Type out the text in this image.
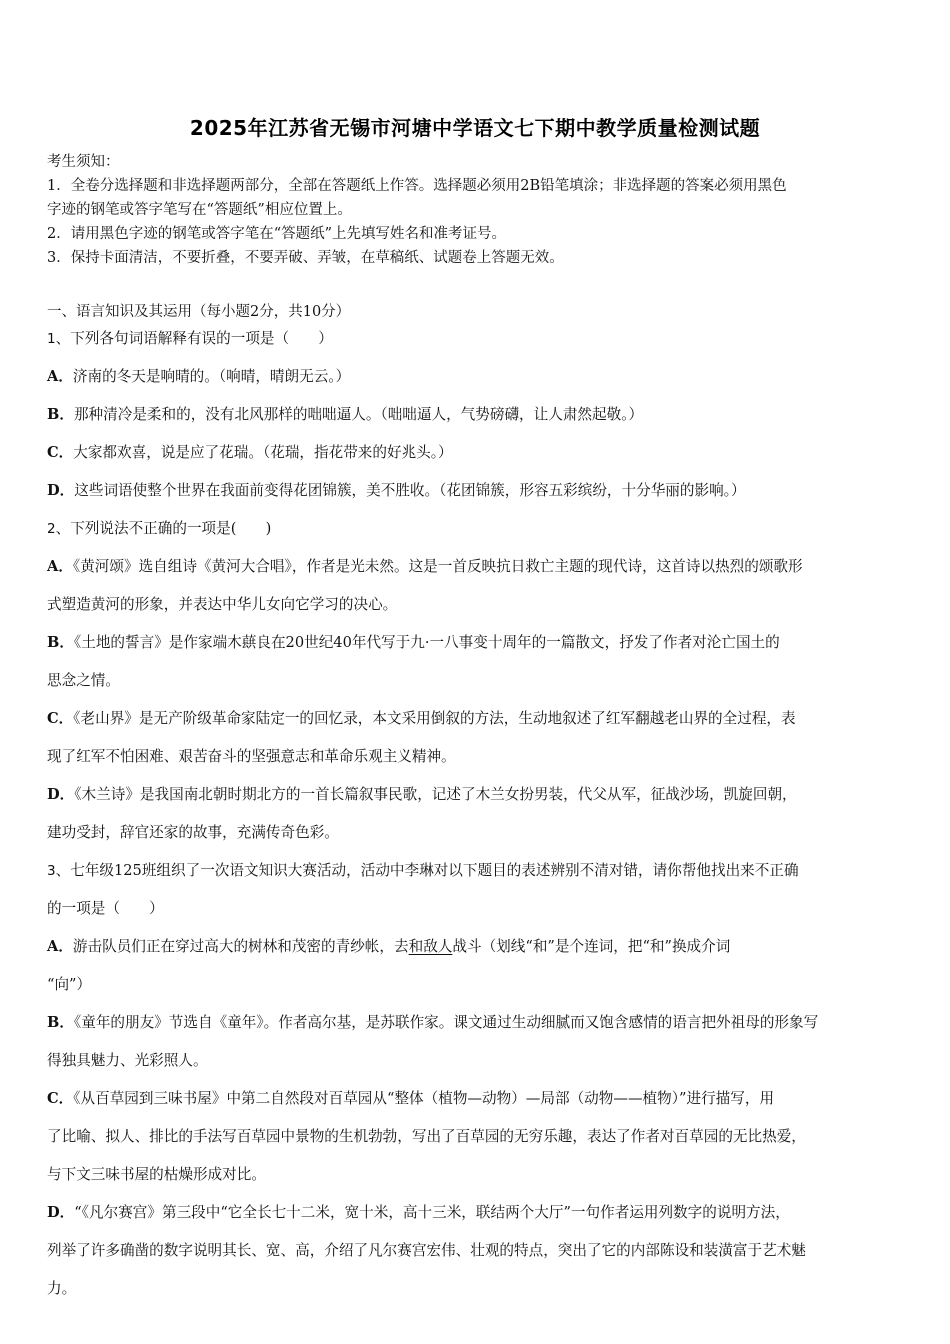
2025年江苏省无锡市河塘中学语文七下期中教学质量检测试题
考生须知：
1．全卷分选择题和非选择题两部分，全部在答题纸上作答。选择题必须用2B铅笔填涂；非选择题的答案必须用黑色
字迹的钢笔或答字笔写在“答题纸”相应位置上。
2．请用黑色字迹的钢笔或答字笔在“答题纸”上先填写姓名和准考证号。
3．保持卡面清洁，不要折叠，不要弄破、弄皱，在草稿纸、试题卷上答题无效。
一、语言知识及其运用（每小题2分，共10分）
1、下列各句词语解释有误的一项是（　　）
A．济南的冬天是响晴的。（响晴，晴朗无云。）
B．那种清冷是柔和的，没有北风那样的咄咄逼人。（咄咄逼人，气势磅礴，让人肃然起敬。）
C．大家都欢喜，说是应了花瑞。（花瑞，指花带来的好兆头。）
D．这些词语使整个世界在我面前变得花团锦簇，美不胜收。（花团锦簇，形容五彩缤纷，十分华丽的影响。）
2、下列说法不正确的一项是(　　)
A．《黄河颂》选自组诗《黄河大合唱》，作者是光未然。这是一首反映抗日救亡主题的现代诗，这首诗以热烈的颂歌形
式塑造黄河的形象，并表达中华儿女向它学习的决心。
B．《土地的誓言》是作家端木蕻良在20世纪40年代写于九·一八事变十周年的一篇散文，抒发了作者对沦亡国土的
思念之情。
C．《老山界》是无产阶级革命家陆定一的回忆录，本文采用倒叙的方法，生动地叙述了红军翻越老山界的全过程，表
现了红军不怕困难、艰苦奋斗的坚强意志和革命乐观主义精神。
D．《木兰诗》是我国南北朝时期北方的一首长篇叙事民歌，记述了木兰女扮男装，代父从军，征战沙场，凯旋回朝，
建功受封，辞官还家的故事，充满传奇色彩。
3、七年级125班组织了一次语文知识大赛活动，活动中李琳对以下题目的表述辨别不清对错，请你帮他找出来不正确
的一项是（　　）
A．游击队员们正在穿过高大的树林和茂密的青纱帐，去和敌人战斗（划线“和”是个连词，把“和”换成介词
“向”）
B．《童年的朋友》节选自《童年》。作者高尔基，是苏联作家。课文通过生动细腻而又饱含感情的语言把外祖母的形象写
得独具魅力、光彩照人。
C．《从百草园到三味书屋》中第二自然段对百草园从“整体（植物—动物）—局部（动物——植物）”进行描写，用
了比喻、拟人、排比的手法写百草园中景物的生机勃勃，写出了百草园的无穷乐趣，表达了作者对百草园的无比热爱，
与下文三味书屋的枯燥形成对比。
D．“《凡尔赛宫》第三段中“它全长七十二米，宽十米，高十三米，联结两个大厅”一句作者运用列数字的说明方法，
列举了许多确凿的数字说明其长、宽、高，介绍了凡尔赛宫宏伟、壮观的特点，突出了它的内部陈设和装潢富于艺术魅
力。
